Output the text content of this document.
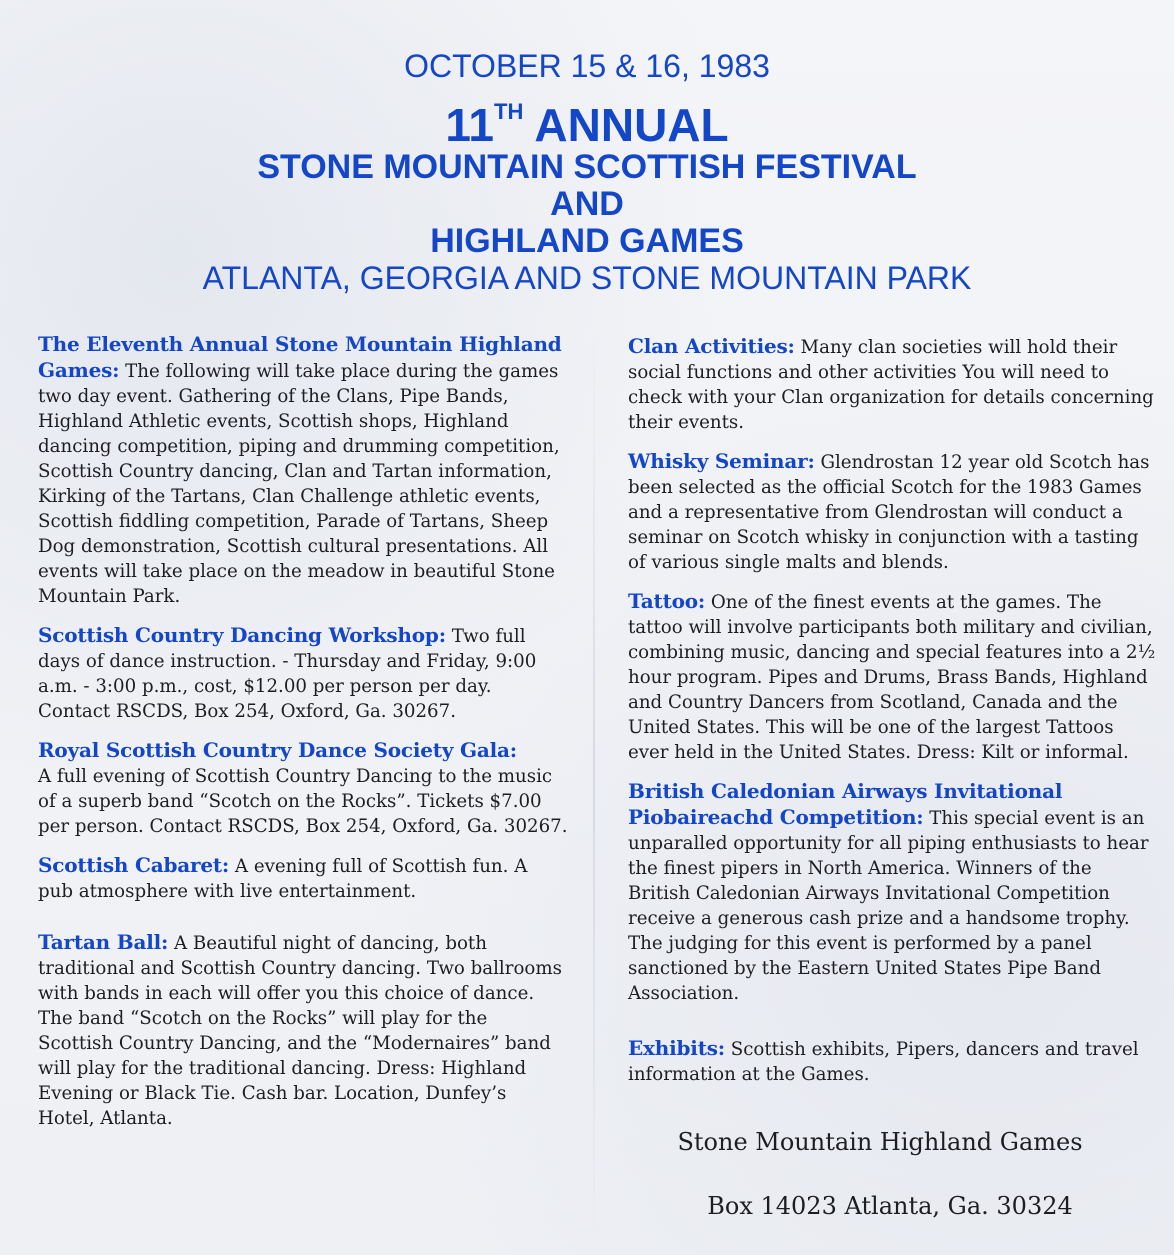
OCTOBER 15 & 16, 1983
11TH ANNUAL
STONE MOUNTAIN SCOTTISH FESTIVAL
AND
HIGHLAND GAMES
ATLANTA, GEORGIA AND STONE MOUNTAIN PARK

The Eleventh Annual Stone Mountain Highland Games: The following will take place during the games two day event. Gathering of the Clans, Pipe Bands, Highland Athletic events, Scottish shops, Highland dancing competition, piping and drumming competition, Scottish Country dancing, Clan and Tartan information, Kirking of the Tartans, Clan Challenge athletic events, Scottish fiddling competition, Parade of Tartans, Sheep Dog demonstration, Scottish cultural presentations. All events will take place on the meadow in beautiful Stone Mountain Park.

Scottish Country Dancing Workshop: Two full days of dance instruction. - Thursday and Friday, 9:00 a.m. - 3:00 p.m., cost, $12.00 per person per day. Contact RSCDS, Box 254, Oxford, Ga. 30267.

Royal Scottish Country Dance Society Gala:
A full evening of Scottish Country Dancing to the music of a superb band “Scotch on the Rocks”. Tickets $7.00 per person. Contact RSCDS, Box 254, Oxford, Ga. 30267.

Scottish Cabaret: A evening full of Scottish fun. A pub atmosphere with live entertainment.

Tartan Ball: A Beautiful night of dancing, both traditional and Scottish Country dancing. Two ballrooms with bands in each will offer you this choice of dance. The band “Scotch on the Rocks” will play for the Scottish Country Dancing, and the “Modernaires” band will play for the traditional dancing. Dress: Highland Evening or Black Tie. Cash bar. Location, Dunfey’s Hotel, Atlanta.

Clan Activities: Many clan societies will hold their social functions and other activities You will need to check with your Clan organization for details concerning their events.

Whisky Seminar: Glendrostan 12 year old Scotch has been selected as the official Scotch for the 1983 Games and a representative from Glendrostan will conduct a seminar on Scotch whisky in conjunction with a tasting of various single malts and blends.

Tattoo: One of the finest events at the games. The tattoo will involve participants both military and civilian, combining music, dancing and special features into a 2½ hour program. Pipes and Drums, Brass Bands, Highland and Country Dancers from Scotland, Canada and the United States. This will be one of the largest Tattoos ever held in the United States. Dress: Kilt or informal.

British Caledonian Airways Invitational Piobaireachd Competition: This special event is an unparalled opportunity for all piping enthusiasts to hear the finest pipers in North America. Winners of the British Caledonian Airways Invitational Competition receive a generous cash prize and a handsome trophy. The judging for this event is performed by a panel sanctioned by the Eastern United States Pipe Band Association.

Exhibits: Scottish exhibits, Pipers, dancers and travel information at the Games.

Stone Mountain Highland Games
Box 14023 Atlanta, Ga. 30324
